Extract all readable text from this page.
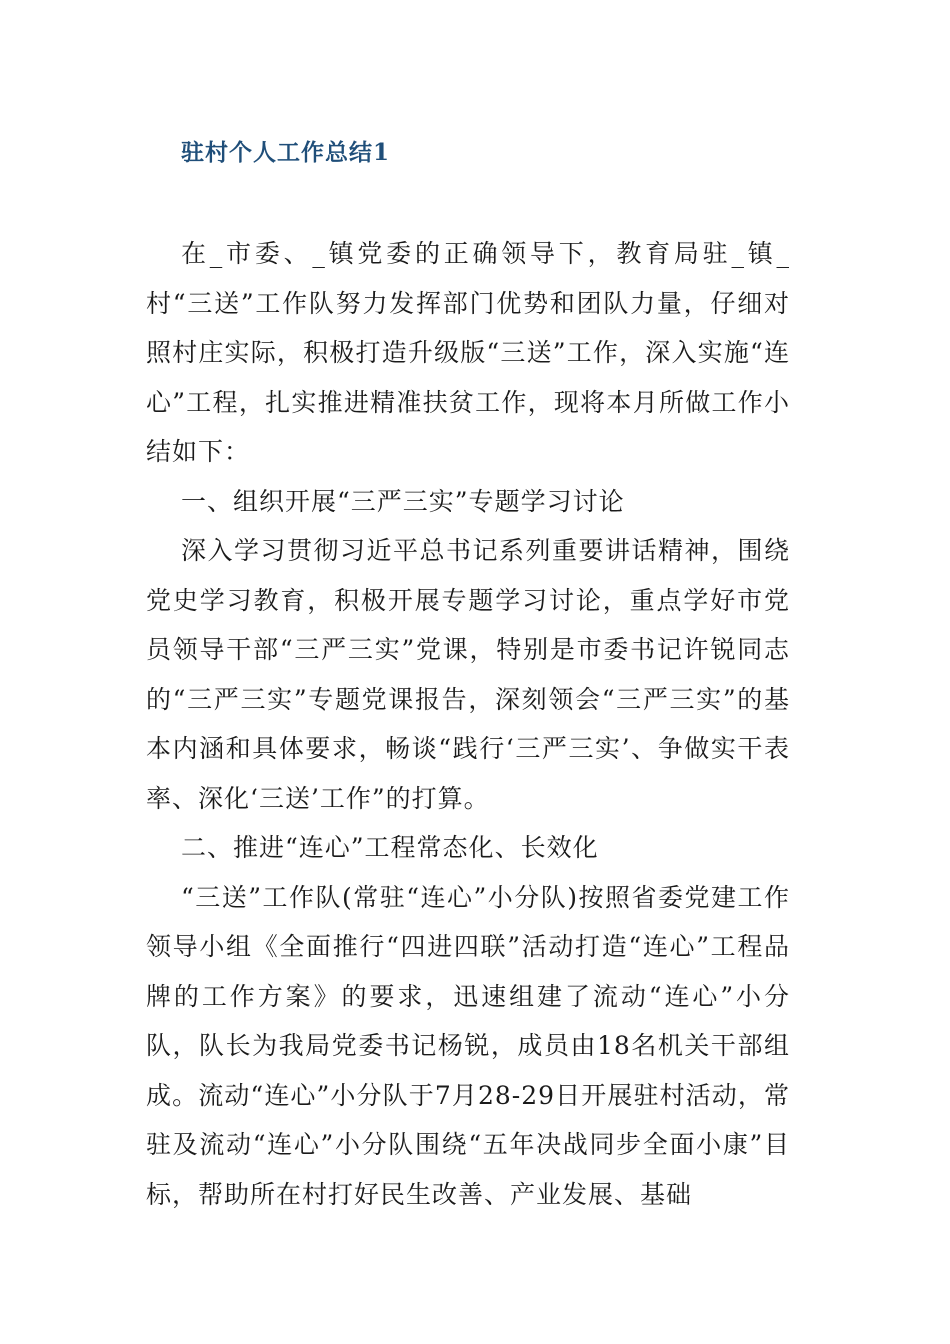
驻村个人工作总结1

在_市委、_镇党委的正确领导下，教育局驻_镇_村“三送”工作队努力发挥部门优势和团队力量，仔细对照村庄实际，积极打造升级版“三送”工作，深入实施“连心”工程，扎实推进精准扶贫工作，现将本月所做工作小结如下：

一、组织开展“三严三实”专题学习讨论

深入学习贯彻习近平总书记系列重要讲话精神，围绕党史学习教育，积极开展专题学习讨论，重点学好市党员领导干部“三严三实”党课，特别是市委书记许锐同志的“三严三实”专题党课报告，深刻领会“三严三实”的基本内涵和具体要求，畅谈“践行‘三严三实’、争做实干表率、深化‘三送’工作”的打算。

二、推进“连心”工程常态化、长效化

“三送”工作队(常驻“连心”小分队)按照省委党建工作领导小组《全面推行“四进四联”活动打造“连心”工程品牌的工作方案》的要求，迅速组建了流动“连心”小分队，队长为我局党委书记杨锐，成员由18名机关干部组成。流动“连心”小分队于7月28-29日开展驻村活动，常驻及流动“连心”小分队围绕“五年决战同步全面小康”目标，帮助所在村打好民生改善、产业发展、基础
